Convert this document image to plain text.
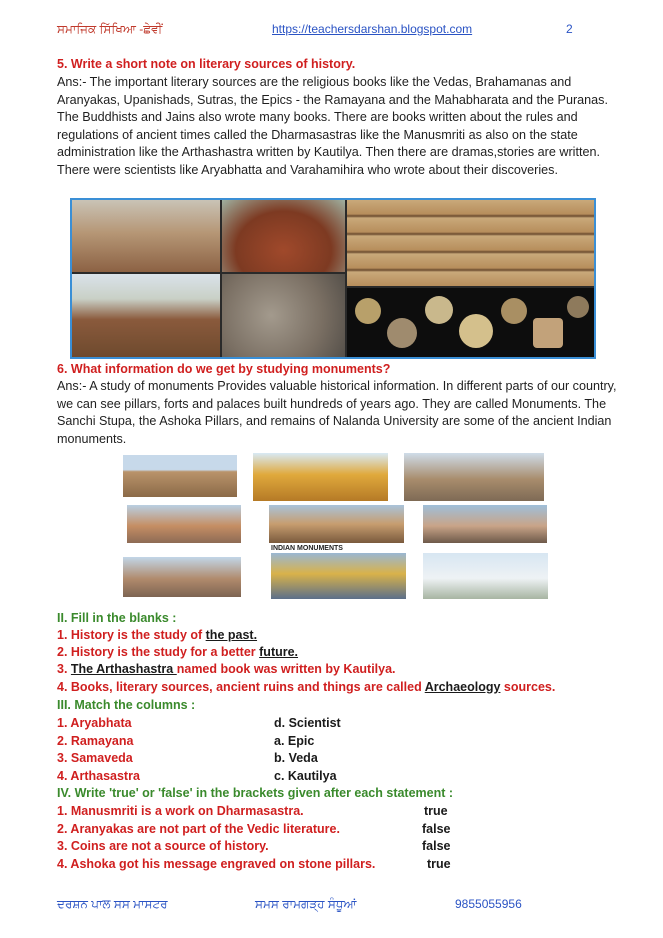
ਸਮਾਜਿਕ ਸਿੱਖਿਆ -ਛੇਵੀਂ	https://teachersdarshan.blogspot.com	2
5. Write a short note on literary sources of history.
Ans:- The important literary sources are the religious books like the Vedas, Brahamanas and Aranyakas, Upanishads, Sutras, the Epics - the Ramayana and the Mahabharata and the Puranas. The Buddhists and Jains also wrote many books. There are books written about the rules and regulations of ancient times called the Dharmasastras like the Manusmriti as also on the state administration like the Arthashastra written by Kautilya. Then there are dramas,stories are written. There were scientists like Aryabhatta and Varahamihira who wrote about their discoveries.
6. What information do we get by studying monuments?
Ans:- A study of monuments Provides valuable historical information. In different parts of our country, we can see pillars, forts and palaces built hundreds of years ago. They are called Monuments. The Sanchi Stupa, the Ashoka Pillars, and remains of Nalanda University are some of the ancient Indian monuments.
INDIAN MONUMENTS
II. Fill in the blanks :
1. History is the study of the past.
2. History is the study for a better future.
3. The Arthashastra named book was written by Kautilya.
4. Books, literary sources, ancient ruins and things are called Archaeology sources.
III. Match the columns :
1. Aryabhata	d. Scientist
2. Ramayana	a. Epic
3. Samaveda	b. Veda
4. Arthasastra	c. Kautilya
IV. Write 'true' or 'false' in the brackets given after each statement :
1. Manusmriti is a work on Dharmasastra.	true
2. Aranyakas are not part of the Vedic literature.	false
3. Coins are not a source of history.	false
4. Ashoka got his message engraved on stone pillars.	true
ਦਰਸ਼ਨ ਪਾਲ ਸਸ ਮਾਸਟਰ	ਸਮਸ ਰਾਮਗੜ੍ਹ ਸੰਧੂਆਂ	9855055956
